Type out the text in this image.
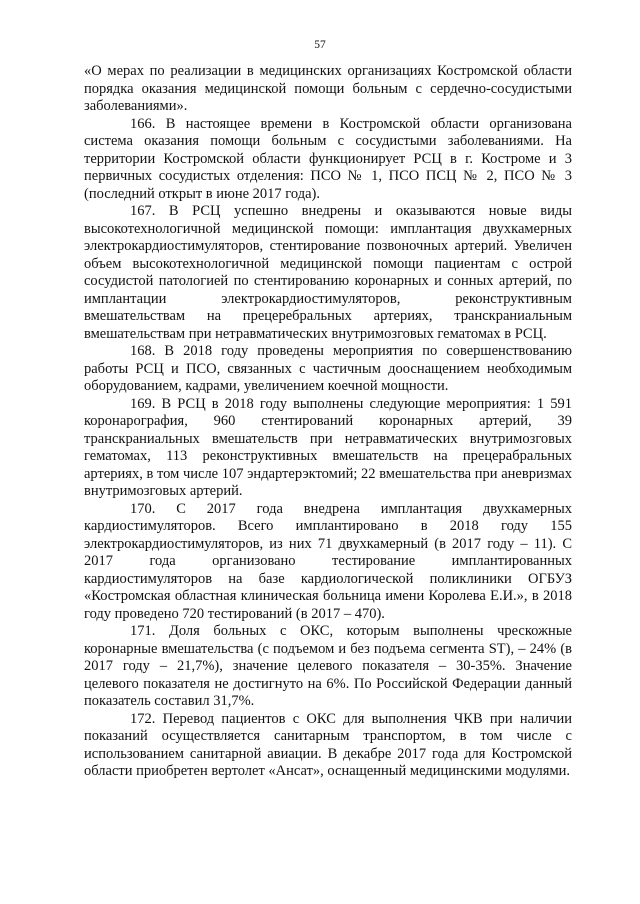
57

«О мерах по реализации в медицинских организациях Костромской области порядка оказания медицинской помощи больным с сердечно-сосудистыми заболеваниями».

166. В настоящее времени в Костромской области организована система оказания помощи больным с сосудистыми заболеваниями. На территории Костромской области функционирует РСЦ в г. Костроме и 3 первичных сосудистых отделения: ПСО № 1, ПСО ПСЦ № 2, ПСО № 3 (последний открыт в июне 2017 года).

167. В РСЦ успешно внедрены и оказываются новые виды высокотехнологичной медицинской помощи: имплантация двухкамерных электрокардиостимуляторов, стентирование позвоночных артерий. Увеличен объем высокотехнологичной медицинской помощи пациентам с острой сосудистой патологией по стентированию коронарных и сонных артерий, по имплантации электрокардиостимуляторов, реконструктивным вмешательствам на прецеребральных артериях, транскраниальным вмешательствам при нетравматических внутримозговых гематомах в РСЦ.

168. В 2018 году проведены мероприятия по совершенствованию работы РСЦ и ПСО, связанных с частичным дооснащением необходимым оборудованием, кадрами, увеличением коечной мощности.

169. В РСЦ в 2018 году выполнены следующие мероприятия: 1 591 коронарография, 960 стентирований коронарных артерий, 39 транскраниальных вмешательств при нетравматических внутримозговых гематомах, 113 реконструктивных вмешательств на прецерабральных артериях, в том числе 107 эндартерэктомий; 22 вмешательства при аневризмах внутримозговых артерий.

170. С 2017 года внедрена имплантация двухкамерных кардиостимуляторов. Всего имплантировано в 2018 году 155 электрокардиостимуляторов, из них 71 двухкамерный (в 2017 году – 11). С 2017 года организовано тестирование имплантированных кардиостимуляторов на базе кардиологической поликлиники ОГБУЗ «Костромская областная клиническая больница имени Королева Е.И.», в 2018 году проведено 720 тестирований (в 2017 – 470).

171. Доля больных с ОКС, которым выполнены чрескожные коронарные вмешательства (с подъемом и без подъема сегмента ST), – 24% (в 2017 году – 21,7%), значение целевого показателя – 30-35%. Значение целевого показателя не достигнуто на 6%. По Российской Федерации данный показатель составил 31,7%.

172. Перевод пациентов с ОКС для выполнения ЧКВ при наличии показаний осуществляется санитарным транспортом, в том числе с использованием санитарной авиации. В декабре 2017 года для Костромской области приобретен вертолет «Ансат», оснащенный медицинскими модулями.
